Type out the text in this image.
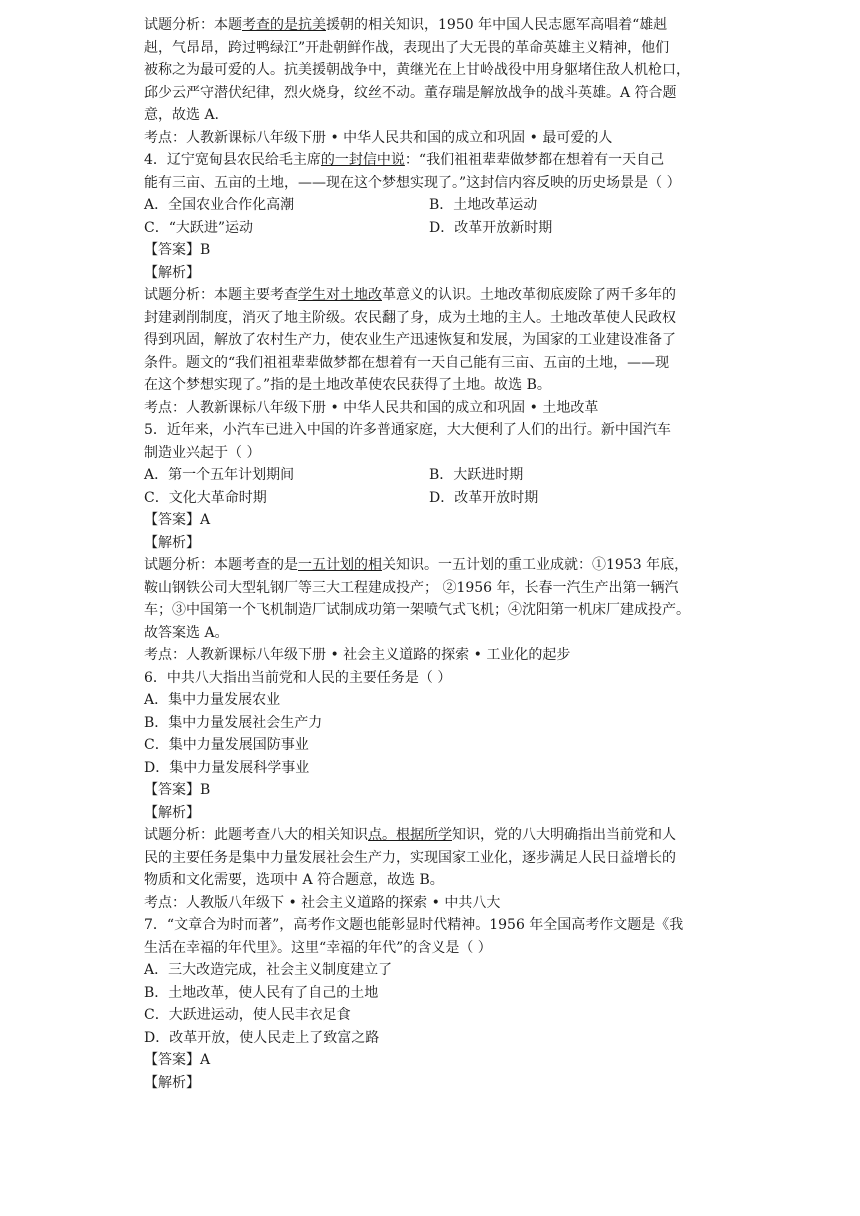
试题分析：本题考查的是抗美援朝的相关知识，1950 年中国人民志愿军高唱着“雄赳
赳，气昂昂，跨过鸭绿江”开赴朝鲜作战，表现出了大无畏的革命英雄主义精神，他们
被称之为最可爱的人。抗美援朝战争中，黄继光在上甘岭战役中用身躯堵住敌人机枪口，
邱少云严守潜伏纪律，烈火烧身，纹丝不动。董存瑞是解放战争的战斗英雄。A 符合题
意，故选 A.
考点：人教新课标八年级下册 • 中华人民共和国的成立和巩固 • 最可爱的人
4．辽宁宽甸县农民给毛主席的一封信中说：“我们祖祖辈辈做梦都在想着有一天自己
能有三亩、五亩的土地，——现在这个梦想实现了。”这封信内容反映的历史场景是（ ）
A．全国农业合作化高潮	B．土地改革运动
C．“大跃进”运动	D．改革开放新时期
【答案】B
【解析】
试题分析：本题主要考查学生对土地改革意义的认识。土地改革彻底废除了两千多年的
封建剥削制度，消灭了地主阶级。农民翻了身，成为土地的主人。土地改革使人民政权
得到巩固，解放了农村生产力，使农业生产迅速恢复和发展，为国家的工业建设准备了
条件。题文的“我们祖祖辈辈做梦都在想着有一天自己能有三亩、五亩的土地，——现
在这个梦想实现了。”指的是土地改革使农民获得了土地。故选 B。
考点：人教新课标八年级下册 • 中华人民共和国的成立和巩固 • 土地改革
5．近年来，小汽车已进入中国的许多普通家庭，大大便利了人们的出行。新中国汽车
制造业兴起于（ ）
A．第一个五年计划期间	B．大跃进时期
C．文化大革命时期	D．改革开放时期
【答案】A
【解析】
试题分析：本题考查的是一五计划的相关知识。一五计划的重工业成就：①1953 年底，
鞍山钢铁公司大型轧钢厂等三大工程建成投产； ②1956 年，长春一汽生产出第一辆汽
车；③中国第一个飞机制造厂试制成功第一架喷气式飞机；④沈阳第一机床厂建成投产。
故答案选 A。
考点：人教新课标八年级下册 • 社会主义道路的探索 • 工业化的起步
6．中共八大指出当前党和人民的主要任务是（ ）
A．集中力量发展农业
B．集中力量发展社会生产力
C．集中力量发展国防事业
D．集中力量发展科学事业
【答案】B
【解析】
试题分析：此题考查八大的相关知识点。根据所学知识，党的八大明确指出当前党和人
民的主要任务是集中力量发展社会生产力，实现国家工业化，逐步满足人民日益增长的
物质和文化需要，选项中 A 符合题意，故选 B。
考点：人教版八年级下 • 社会主义道路的探索 • 中共八大
7．“文章合为时而著”，高考作文题也能彰显时代精神。1956 年全国高考作文题是《我
生活在幸福的年代里》。这里“幸福的年代”的含义是（ ）
A．三大改造完成，社会主义制度建立了
B．土地改革，使人民有了自己的土地
C．大跃进运动，使人民丰衣足食
D．改革开放，使人民走上了致富之路
【答案】A
【解析】
